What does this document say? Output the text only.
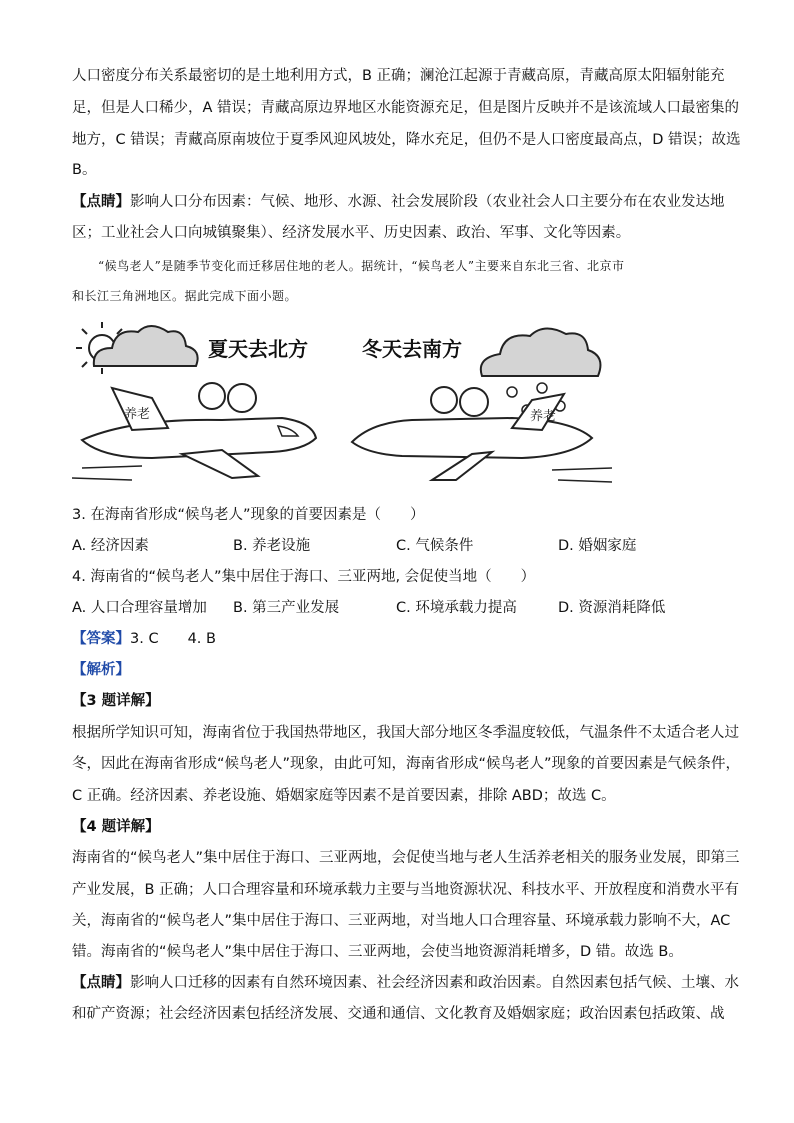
人口密度分布关系最密切的是土地利用方式，B 正确；澜沧江起源于青藏高原，青藏高原太阳辐射能充
足，但是人口稀少，A 错误；青藏高原边界地区水能资源充足，但是图片反映并不是该流域人口最密集的
地方，C 错误；青藏高原南坡位于夏季风迎风坡处，降水充足，但仍不是人口密度最高点，D 错误；故选
B。
【点睛】影响人口分布因素：气候、地形、水源、社会发展阶段（农业社会人口主要分布在农业发达地
区；工业社会人口向城镇聚集）、经济发展水平、历史因素、政治、军事、文化等因素。
“候鸟老人”是随季节变化而迁移居住地的老人。据统计，“候鸟老人”主要来自东北三省、北京市
和长江三角洲地区。据此完成下面小题。
夏天去北方	冬天去南方
养老	养老
3. 在海南省形成“候鸟老人”现象的首要因素是（　　）
A. 经济因素	B. 养老设施	C. 气候条件	D. 婚姻家庭
4. 海南省的“候鸟老人”集中居住于海口、三亚两地, 会促使当地（　　）
A. 人口合理容量增加 B. 第三产业发展	C. 环境承载力提高	D. 资源消耗降低
【答案】3. C　　4. B
【解析】
【3 题详解】
根据所学知识可知，海南省位于我国热带地区，我国大部分地区冬季温度较低，气温条件不太适合老人过
冬，因此在海南省形成“候鸟老人”现象，由此可知，海南省形成“候鸟老人”现象的首要因素是气候条件，
C 正确。经济因素、养老设施、婚姻家庭等因素不是首要因素，排除 ABD；故选 C。
【4 题详解】
海南省的“候鸟老人”集中居住于海口、三亚两地，会促使当地与老人生活养老相关的服务业发展，即第三
产业发展，B 正确；人口合理容量和环境承载力主要与当地资源状况、科技水平、开放程度和消费水平有
关，海南省的“候鸟老人”集中居住于海口、三亚两地，对当地人口合理容量、环境承载力影响不大，AC
错。海南省的“候鸟老人”集中居住于海口、三亚两地，会使当地资源消耗增多，D 错。故选 B。
【点睛】影响人口迁移的因素有自然环境因素、社会经济因素和政治因素。自然因素包括气候、土壤、水
和矿产资源；社会经济因素包括经济发展、交通和通信、文化教育及婚姻家庭；政治因素包括政策、战
